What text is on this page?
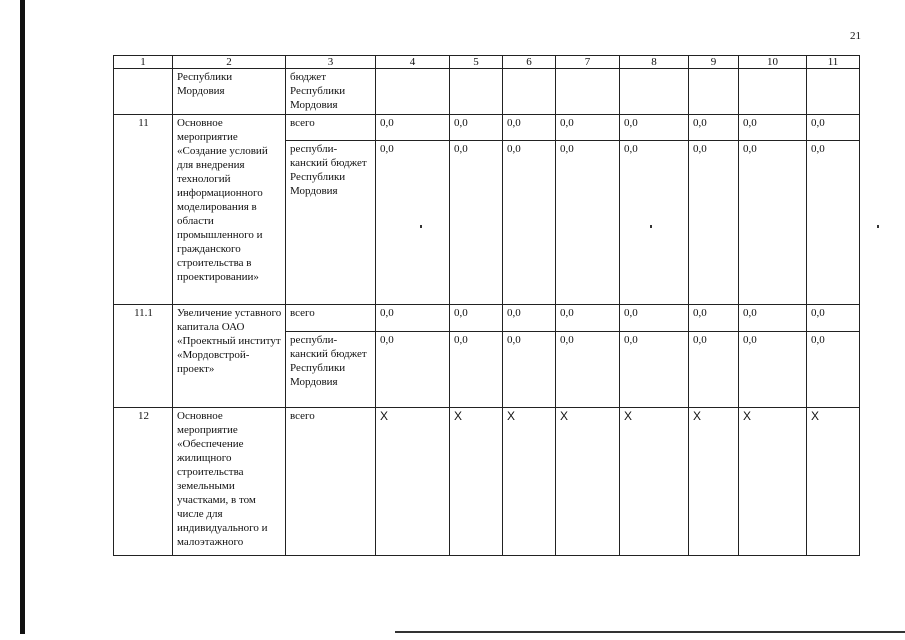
21
1	2	3	4	5	6	7	8	9	10	11
	Республики Мордовия	бюджет Республики Мордовия								
11	Основное мероприятие «Создание условий для внедрения технологий информационного моделирования в области промышленного и гражданского строительства в проектировании»	всего	0,0	0,0	0,0	0,0	0,0	0,0	0,0	0,0
		республи-канский бюджет Республики Мордовия	0,0	0,0	0,0	0,0	0,0	0,0	0,0	0,0
11.1	Увеличение уставного капитала ОАО «Проектный институт «Мордовстрой-проект»	всего	0,0	0,0	0,0	0,0	0,0	0,0	0,0	0,0
		республи-канский бюджет Республики Мордовия	0,0	0,0	0,0	0,0	0,0	0,0	0,0	0,0
12	Основное мероприятие «Обеспечение жилищного строительства земельными участками, в том числе для индивидуального и малоэтажного	всего	Х	Х	Х	Х	Х	Х	Х	Х
